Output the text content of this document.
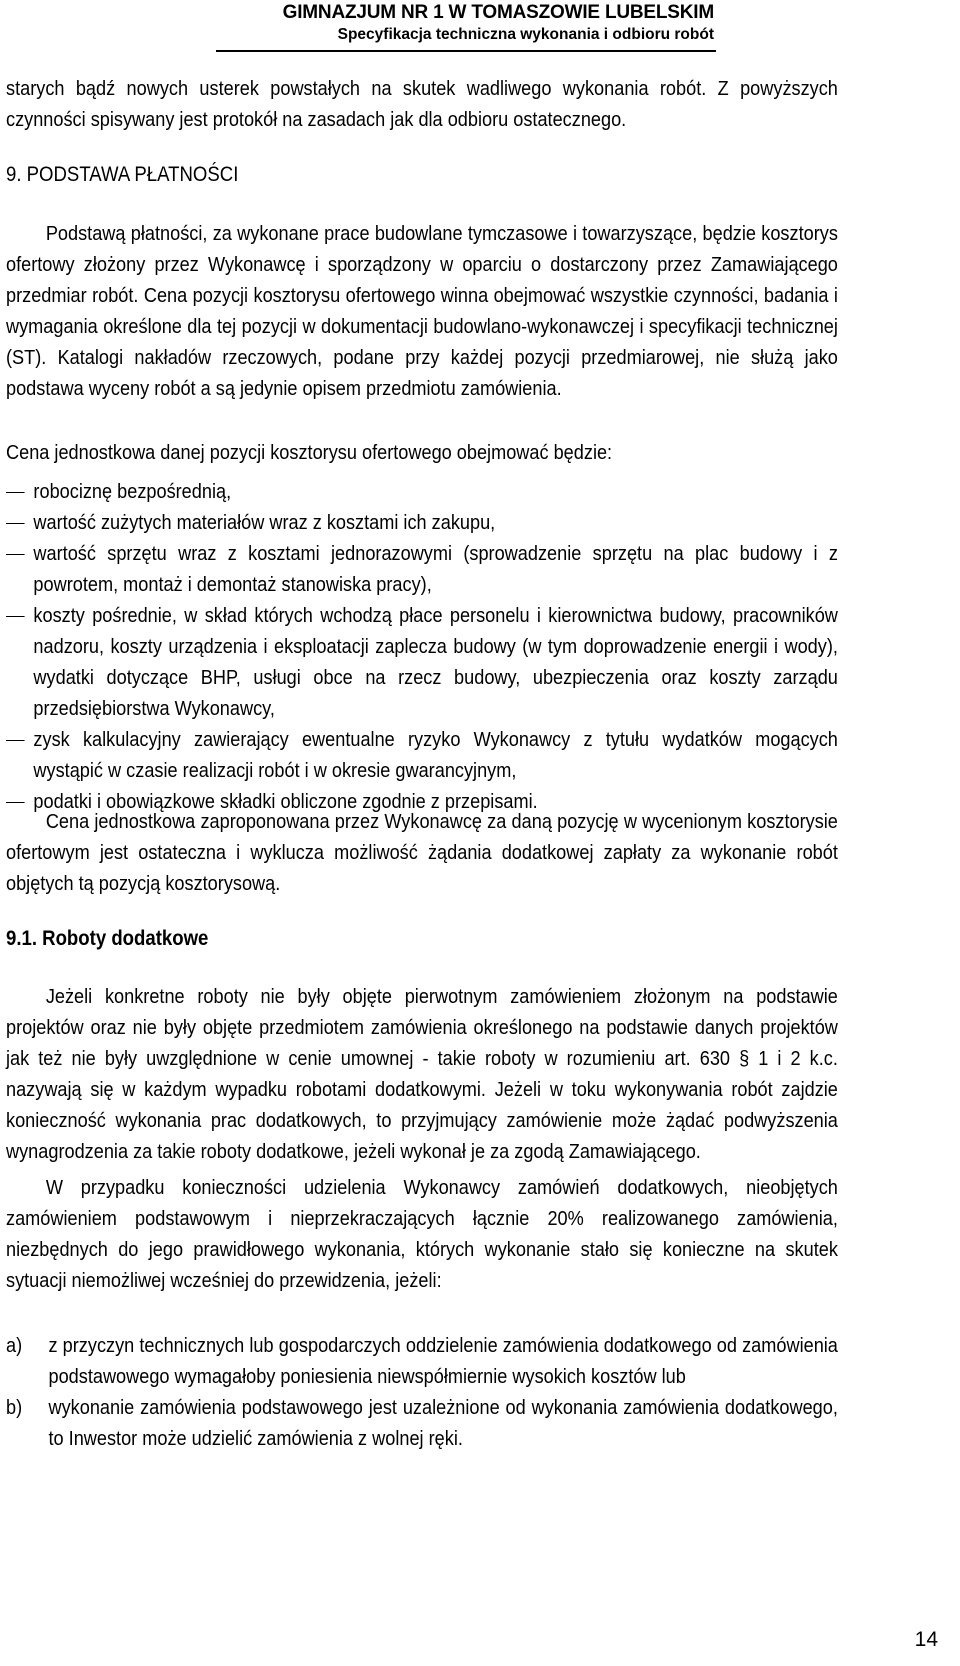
GIMNAZJUM NR 1 W TOMASZOWIE LUBELSKIM
Specyfikacja techniczna wykonania i odbioru robót

starych bądź nowych usterek powstałych na skutek wadliwego wykonania robót. Z powyższych czynności spisywany jest protokół na zasadach jak dla odbioru ostatecznego.

9. PODSTAWA PŁATNOŚCI

Podstawą płatności, za wykonane prace budowlane tymczasowe i towarzyszące, będzie kosztorys ofertowy złożony przez Wykonawcę i sporządzony w oparciu o dostarczony przez Zamawiającego przedmiar robót. Cena pozycji kosztorysu ofertowego winna obejmować wszystkie czynności, badania i wymagania określone dla tej pozycji w dokumentacji budowlano-wykonawczej i specyfikacji technicznej (ST). Katalogi nakładów rzeczowych, podane przy każdej pozycji przedmiarowej, nie służą jako podstawa wyceny robót a są jedynie opisem przedmiotu zamówienia.

Cena jednostkowa danej pozycji kosztorysu ofertowego obejmować będzie:

robociznę bezpośrednią,
wartość zużytych materiałów wraz z kosztami ich zakupu,
wartość sprzętu wraz z kosztami jednorazowymi (sprowadzenie sprzętu na plac budowy i z powrotem, montaż i demontaż stanowiska pracy),
koszty pośrednie, w skład których wchodzą płace personelu i kierownictwa budowy, pracowników nadzoru, koszty urządzenia i eksploatacji zaplecza budowy (w tym doprowadzenie energii i wody), wydatki dotyczące BHP, usługi obce na rzecz budowy, ubezpieczenia oraz koszty zarządu przedsiębiorstwa Wykonawcy,
zysk kalkulacyjny zawierający ewentualne ryzyko Wykonawcy z tytułu wydatków mogących wystąpić w czasie realizacji robót i w okresie gwarancyjnym,
podatki i obowiązkowe składki obliczone zgodnie z przepisami.

Cena jednostkowa zaproponowana przez Wykonawcę za daną pozycję w wycenionym kosztorysie ofertowym jest ostateczna i wyklucza możliwość żądania dodatkowej zapłaty za wykonanie robót objętych tą pozycją kosztorysową.

9.1. Roboty dodatkowe

Jeżeli konkretne roboty nie były objęte pierwotnym zamówieniem złożonym na podstawie projektów oraz nie były objęte przedmiotem zamówienia określonego na podstawie danych projektów jak też nie były uwzględnione w cenie umownej - takie roboty w rozumieniu art. 630 § 1 i 2 k.c. nazywają się w każdym wypadku robotami dodatkowymi. Jeżeli w toku wykonywania robót zajdzie konieczność wykonania prac dodatkowych, to przyjmujący zamówienie może żądać podwyższenia wynagrodzenia za takie roboty dodatkowe, jeżeli wykonał je za zgodą Zamawiającego.

W przypadku konieczności udzielenia Wykonawcy zamówień dodatkowych, nieobjętych zamówieniem podstawowym i nieprzekraczających łącznie 20% realizowanego zamówienia, niezbędnych do jego prawidłowego wykonania, których wykonanie stało się konieczne na skutek sytuacji niemożliwej wcześniej do przewidzenia, jeżeli:

a) z przyczyn technicznych lub gospodarczych oddzielenie zamówienia dodatkowego od zamówienia podstawowego wymagałoby poniesienia niewspółmiernie wysokich kosztów lub
b) wykonanie zamówienia podstawowego jest uzależnione od wykonania zamówienia dodatkowego, to Inwestor może udzielić zamówienia z wolnej ręki.
14
